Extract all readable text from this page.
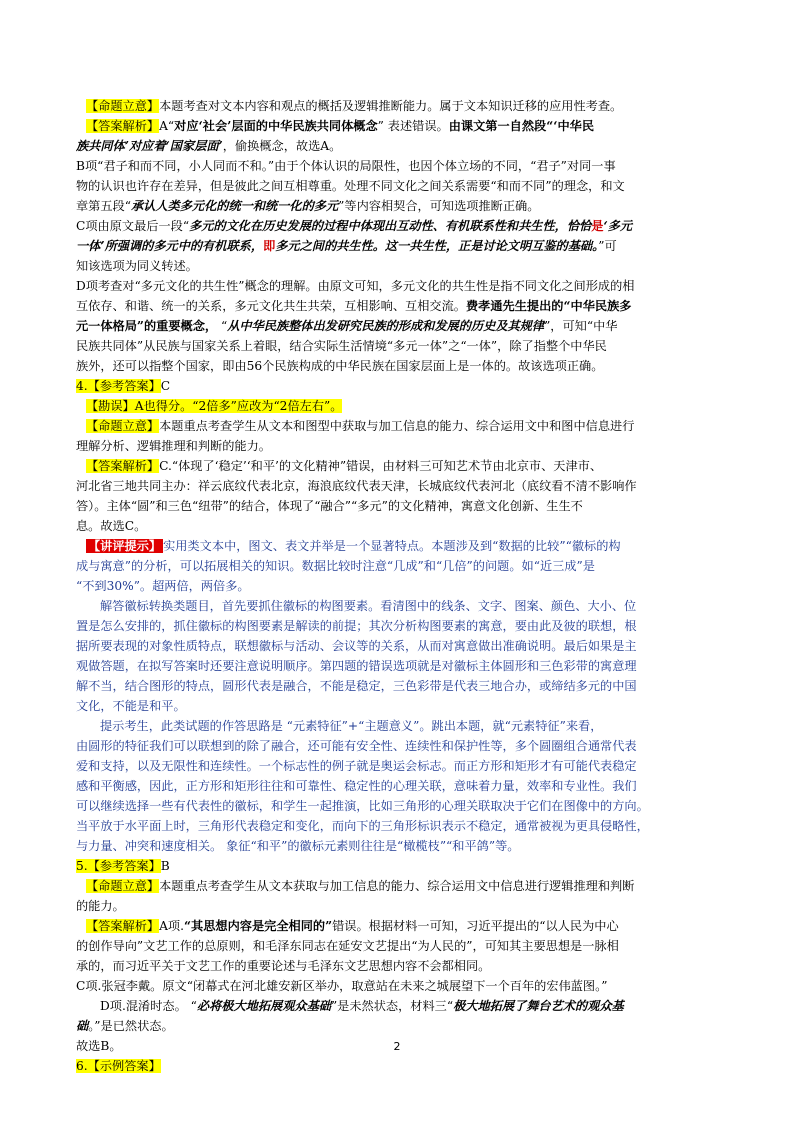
【命题立意】本题考查对文本内容和观点的概括及逻辑推断能力。属于文本知识迁移的应用性考查。
【答案解析】A“对应‘社会’层面的中华民族共同体概念” 表述错误。由课文第一自然段“‘中华民
族共同体’对应着‘国家层面’，偷换概念，故选A。
B项“君子和而不同，小人同而不和。”由于个体认识的局限性，也因个体立场的不同，“君子”对同一事
物的认识也许存在差异，但是彼此之间互相尊重。处理不同文化之间关系需要“和而不同”的理念，和文
章第五段“承认人类多元化的统一和统一化的多元”等内容相契合，可知选项推断正确。
C项由原文最后一段“多元的文化在历史发展的过程中体现出互动性、有机联系性和共生性，恰恰是‘多元
一体’所强调的多元中的有机联系，即多元之间的共生性。这一共生性，正是讨论文明互鉴的基础。”可
知该选项为同义转述。
D项考查对“多元文化的共生性”概念的理解。由原文可知，多元文化的共生性是指不同文化之间形成的相
互依存、和谐、统一的关系，多元文化共生共荣，互相影响、互相交流。费孝通先生提出的“中华民族多
元一体格局”的重要概念， “从中华民族整体出发研究民族的形成和发展的历史及其规律”，可知“中华
民族共同体”从民族与国家关系上着眼，结合实际生活情境“多元一体”之“一体”，除了指整个中华民
族外，还可以指整个国家，即由56个民族构成的中华民族在国家层面上是一体的。故该选项正确。
4.【参考答案】C
【勘误】A也得分。“2倍多”应改为“2倍左右”。
【命题立意】本题重点考查学生从文本和图型中获取与加工信息的能力、综合运用文中和图中信息进行
理解分析、逻辑推理和判断的能力。
【答案解析】C.“体现了‘稳定’‘和平’的文化精神”错误，由材料三可知艺术节由北京市、天津市、
河北省三地共同主办：祥云底纹代表北京，海浪底纹代表天津，长城底纹代表河北（底纹看不清不影响作
答）。主体“圆”和三色“纽带”的结合，体现了“融合”“多元”的文化精神，寓意文化创新、生生不
息。故选C。
【讲评提示】 实用类文本中，图文、表文并举是一个显著特点。本题涉及到“数据的比较”“徽标的构
成与寓意”的分析，可以拓展相关的知识。数据比较时注意“几成”和“几倍”的问题。如“近三成”是
“不到30%”。超两倍，两倍多。
解答徽标转换类题目，首先要抓住徽标的构图要素。看清图中的线条、文字、图案、颜色、大小、位
置是怎么安排的，抓住徽标的构图要素是解读的前提；其次分析构图要素的寓意，要由此及彼的联想，根
据所要表现的对象性质特点，联想徽标与活动、会议等的关系，从而对寓意做出准确说明。最后如果是主
观做答题，在拟写答案时还要注意说明顺序。第四题的错误选项就是对徽标主体圆形和三色彩带的寓意理
解不当，结合图形的特点，圆形代表是融合，不能是稳定，三色彩带是代表三地合办，或缔结多元的中国
文化，不能是和平。
提示考生，此类试题的作答思路是 “元素特征”+“主题意义”。跳出本题，就“元素特征”来看，
由圆形的特征我们可以联想到的除了融合，还可能有安全性、连续性和保护性等，多个圆圈组合通常代表
爱和支持，以及无限性和连续性。一个标志性的例子就是奥运会标志。而正方形和矩形才有可能代表稳定
感和平衡感，因此，正方形和矩形往往和可靠性、稳定性的心理关联，意味着力量，效率和专业性。我们
可以继续选择一些有代表性的徽标，和学生一起推演，比如三角形的心理关联取决于它们在图像中的方向。
当平放于水平面上时，三角形代表稳定和变化，而向下的三角形标识表示不稳定，通常被视为更具侵略性，
与力量、冲突和速度相关。 象征“和平”的徽标元素则往往是“橄榄枝”“和平鸽”等。
5.【参考答案】B
【命题立意】本题重点考查学生从文本获取与加工信息的能力、综合运用文中信息进行逻辑推理和判断
的能力。
【答案解析】A项.“其思想内容是完全相同的”错误。根据材料一可知，习近平提出的“以人民为中心
的创作导向”文艺工作的总原则，和毛泽东同志在延安文艺提出“为人民的”，可知其主要思想是一脉相
承的，而习近平关于文艺工作的重要论述与毛泽东文艺思想内容不会都相同。
C项.张冠李戴。原文“闭幕式在河北雄安新区举办，取意站在未来之城展望下一个百年的宏伟蓝图。”
D项.混淆时态。 “必将极大地拓展观众基础”是未然状态，材料三“极大地拓展了舞台艺术的观众基
础。”是已然状态。
故选B。
6.【示例答案】
2
